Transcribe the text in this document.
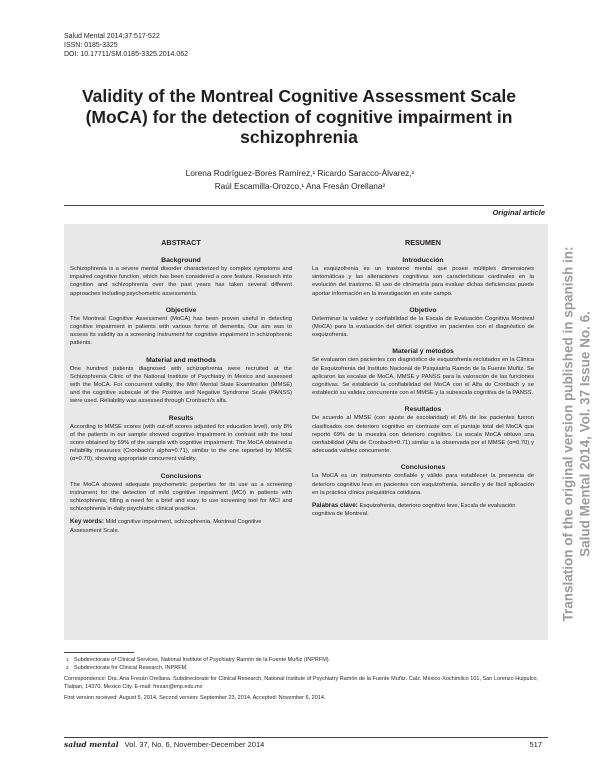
Salud Mental 2014;37:517-522
ISSN: 0185-3325
DOI: 10.17711/SM.0185-3325.2014.062
Validity of the Montreal Cognitive Assessment Scale (MoCA) for the detection of cognitive impairment in schizophrenia
Lorena Rodríguez-Bores Ramírez,¹ Ricardo Saracco-Álvarez,¹
Raúl Escamilla-Orozco,¹ Ana Fresán Orellana²
Original article
ABSTRACT
Background

Schizophrenia is a severe mental disorder characterized by complex symptoms and impaired cognitive function, which has been considered a core feature. Research into cognition and schizophrenia over the past years has taken several different approaches including psychometric assessments.

Objective

The Montreal Cognitive Assessment (MoCA) has been proven useful in detecting cognitive impairment in patients with various forms of dementia. Our aim was to assess its validity as a screening instrument for cognitive impairment in schizophrenic patients.

Material and methods

One hundred patients diagnosed with schizophrenia were recruited at the Schizophrenia Clinic of the National Institute of Psychiatry in Mexico and assessed with the MoCA. For concurrent validity, the Mini Mental State Examination (MMSE) and the cognitive subscale of the Positive and Negative Syndrome Scale (PANSS) were used. Reliability was assessed through Cronbach's alfa.

Results

According to MMSE scores (with cut-off scores adjusted for education level), only 8% of the patients in our sample showed cognitive impairment in contrast with the total score obtained by 69% of the sample with cognitive impairment. The MoCA obtained a reliability measures (Cronbach's alpha=0.71), similar to the one reported by MMSE (α=0.70), showing appropriate concurrent validity.

Conclusions

The MoCA showed adequate psychometric properties for its use as a screening instrument for the detection of mild cognitive impairment (MCI) in patients with schizophrenia; filling a need for a brief and easy to use screening tool for MCI and schizophrenia in daily psychiatric clinical practice.

Key words: Mild cognitive impairment, schizophrenia, Montreal Cognitive Assessment Scale.

RESUMEN
Introducción

La esquizofrenia es un trastorno mental que posee múltiples dimensiones sintomáticas y las alteraciones cognitivas son características cardinales en la evolución del trastorno. El uso de clinimetría para evaluar dichas deficiencias puede aportar información en la investigación en este campo.

Objetivo

Determinar la validez y confiabilidad de la Escala de Evaluación Cognitiva Montreal (MoCA) para la evaluación del déficit cognitivo en pacientes con el diagnóstico de esquizofrenia.

Material y métodos

Se evaluaron cien pacientes con diagnóstico de esquizofrenia reclutados en la Clínica de Esquizofrenia del Instituto Nacional de Psiquiatría Ramón de la Fuente Muñiz. Se aplicaron las escalas de MoCA, MMSE y PANSS para la valoración de las funciones cognitivas. Se estableció la confiabilidad del MoCA con el Alfa de Cronbach y se estableció su validez concurrente con el MMSE y la subescala cognitiva de la PANSS.

Resultados

De acuerdo al MMSE (con ajuste de escolaridad) el 8% de los pacientes fueron clasificados con deterioro cognitivo en contraste con el puntaje total del MoCA que reportó 69% de la muestra con deterioro cognitivo. La escala MoCA obtuvo una confiabilidad (Alfa de Cronbach=0.71) similar a la observada por el MMSE (α=0.70) y adecuada validez concurrente.

Conclusiones

La MoCA es un instrumento confiable y válido para establecer la presencia de deterioro cognitivo leve en pacientes con esquizofrenia, sencillo y de fácil aplicación en la práctica clínica psiquiátrica cotidiana.

Palabras clave: Esquizofrenia, deterioro cognitivo leve, Escala de evaluación cognitiva de Montreal.	Translation of the original version published in spanish in: Salud Mental 2014, Vol. 37 Issue No. 6.
1 Subdirectorate of Clinical Services, National Institute of Psychiatry Ramón de la Fuente Muñiz (INPRFM).
2 Subdirectorate for Clinical Research, INPRFM.
Correspondence: Dra. Ana Fresán Orellana. Subdirectorate for Clinical Research, National Institute of Psychiatry Ramón de la Fuente Muñiz. Calz. México-Xochimilco 101, San Lorenzo Huipulco, Tlalpan, 14370, Mexico City. E-mail: fresan@imp.edu.mx
First version received: August 5, 2014. Second version: September 23, 2014. Accepted: November 6, 2014.
salud mental Vol. 37, No. 6, November-December 2014	517
